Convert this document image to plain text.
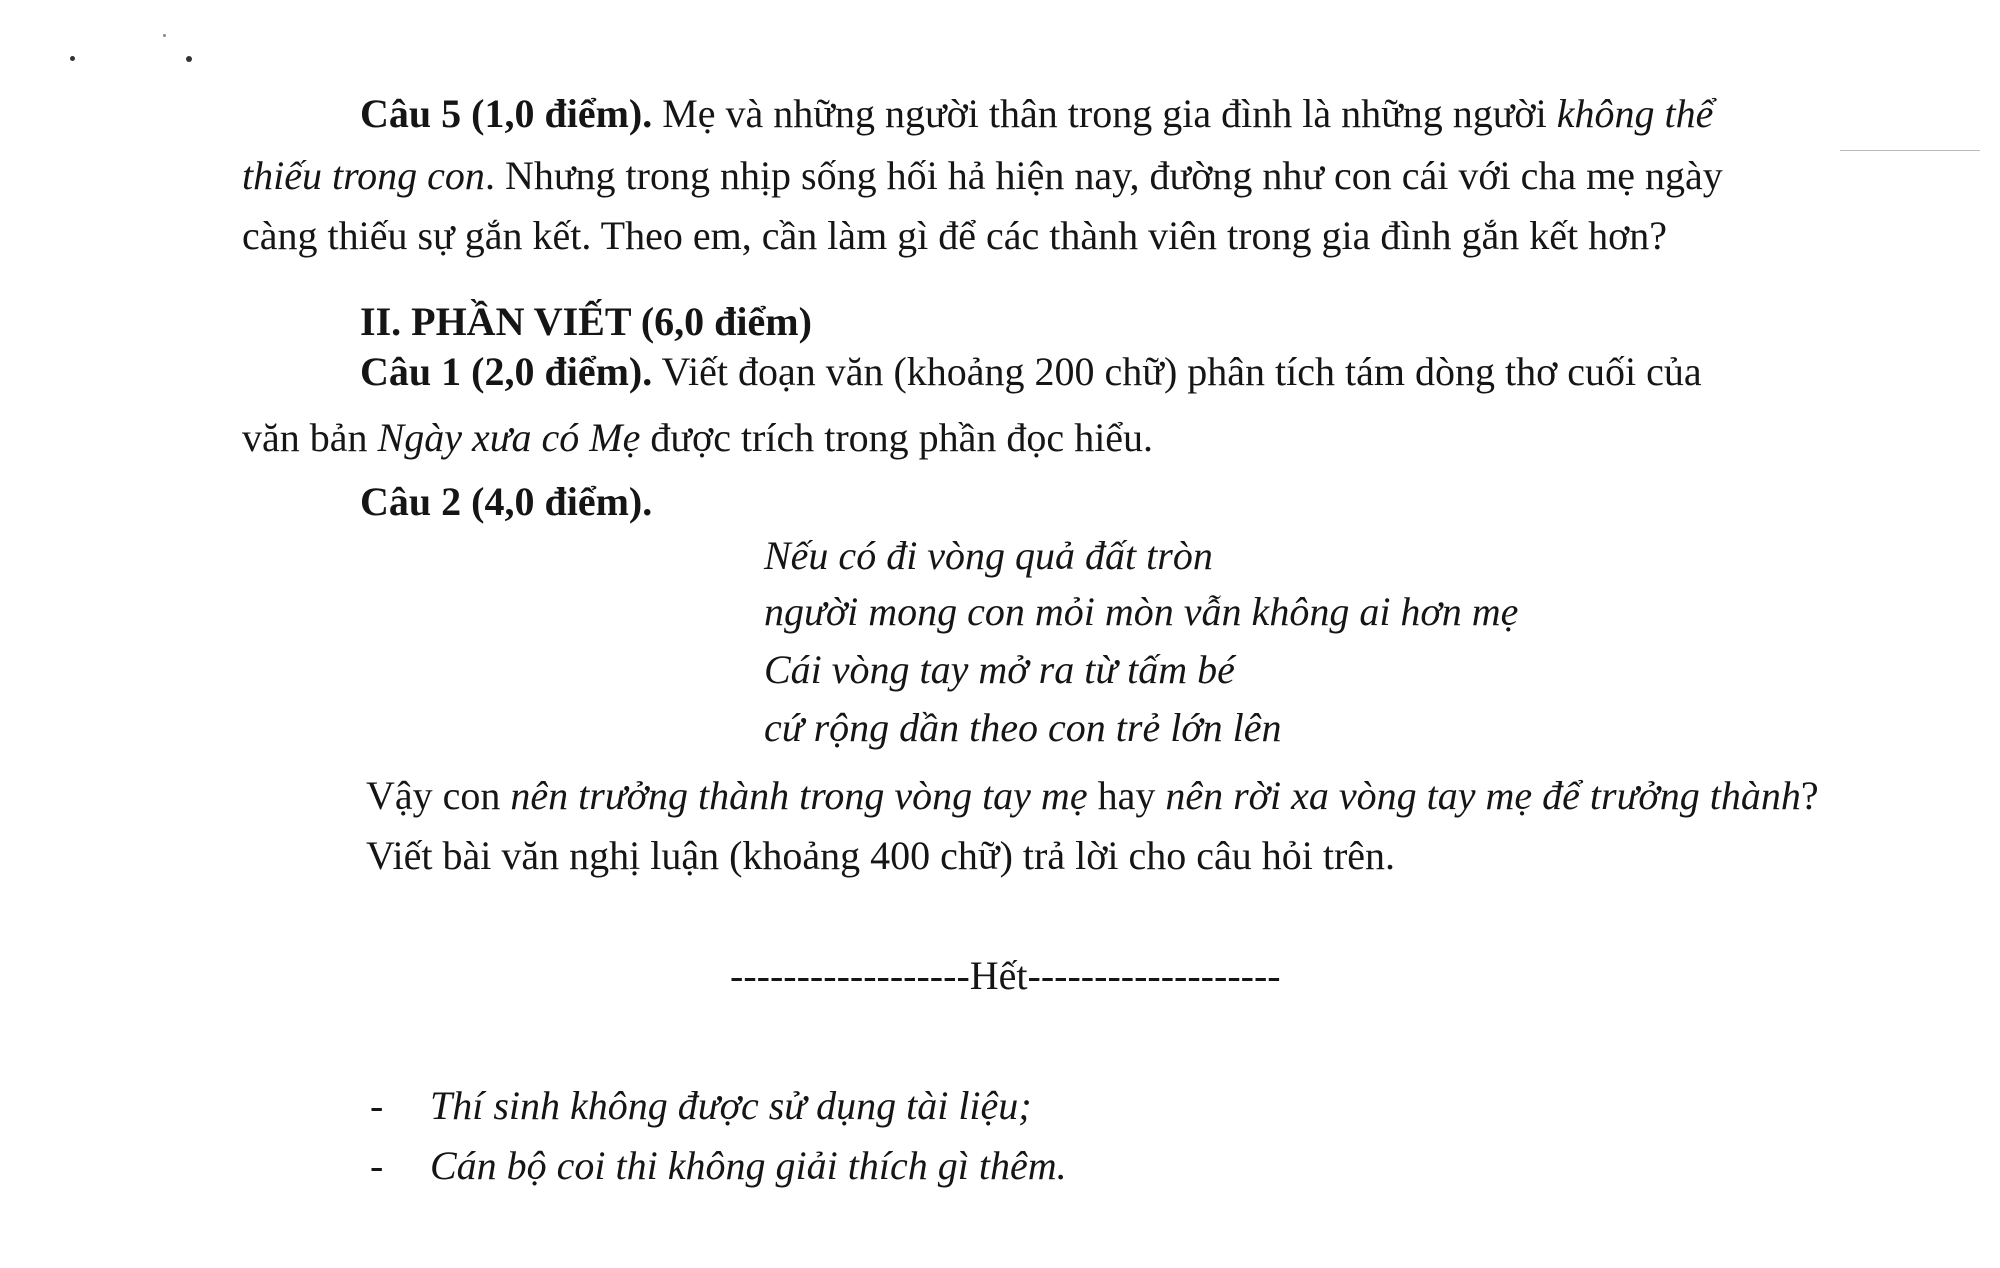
Câu 5 (1,0 điểm). Mẹ và những người thân trong gia đình là những người không thể
thiếu trong con. Nhưng trong nhịp sống hối hả hiện nay, đường như con cái với cha mẹ ngày
càng thiếu sự gắn kết. Theo em, cần làm gì để các thành viên trong gia đình gắn kết hơn?
II. PHẦN VIẾT (6,0 điểm)
Câu 1 (2,0 điểm). Viết đoạn văn (khoảng 200 chữ) phân tích tám dòng thơ cuối của
văn bản Ngày xưa có Mẹ được trích trong phần đọc hiểu.
Câu 2 (4,0 điểm).
Nếu có đi vòng quả đất tròn
người mong con mỏi mòn vẫn không ai hơn mẹ
Cái vòng tay mở ra từ tấm bé
cứ rộng dần theo con trẻ lớn lên
Vậy con nên trưởng thành trong vòng tay mẹ hay nên rời xa vòng tay mẹ để trưởng thành?
Viết bài văn nghị luận (khoảng 400 chữ) trả lời cho câu hỏi trên.
------------------Hết-------------------
- Thí sinh không được sử dụng tài liệu;
- Cán bộ coi thi không giải thích gì thêm.
